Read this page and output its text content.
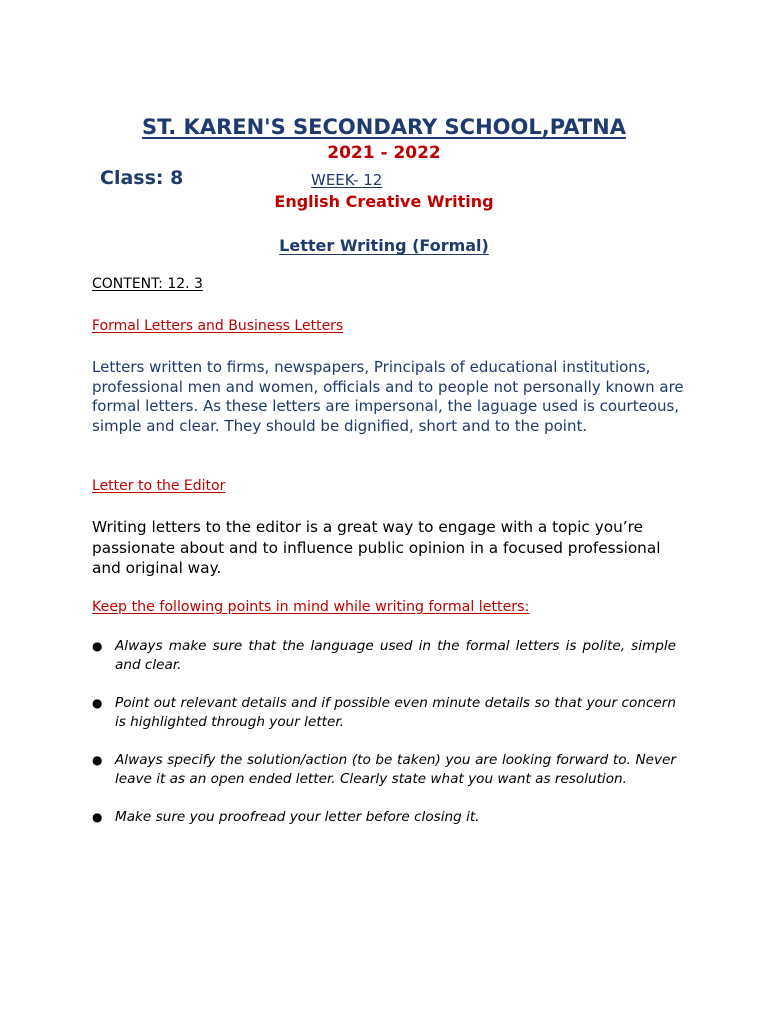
ST. KAREN'S SECONDARY SCHOOL,PATNA
2021 - 2022
Class: 8	WEEK- 12
English Creative Writing
Letter Writing (Formal)
CONTENT: 12. 3
Formal Letters and Business Letters

Letters written to firms, newspapers, Principals of educational institutions, professional men and women, officials and to people not personally known are formal letters. As these letters are impersonal, the laguage used is courteous, simple and clear. They should be dignified, short and to the point.

Letter to the Editor

Writing letters to the editor is a great way to engage with a topic you’re passionate about and to influence public opinion in a focused professional and original way.

Keep the following points in mind while writing formal letters:
● Always make sure that the language used in the formal letters is polite, simple and clear.
● Point out relevant details and if possible even minute details so that your concern is highlighted through your letter.
● Always specify the solution/action (to be taken) you are looking forward to. Never leave it as an open ended letter. Clearly state what you want as resolution.
● Make sure you proofread your letter before closing it.
